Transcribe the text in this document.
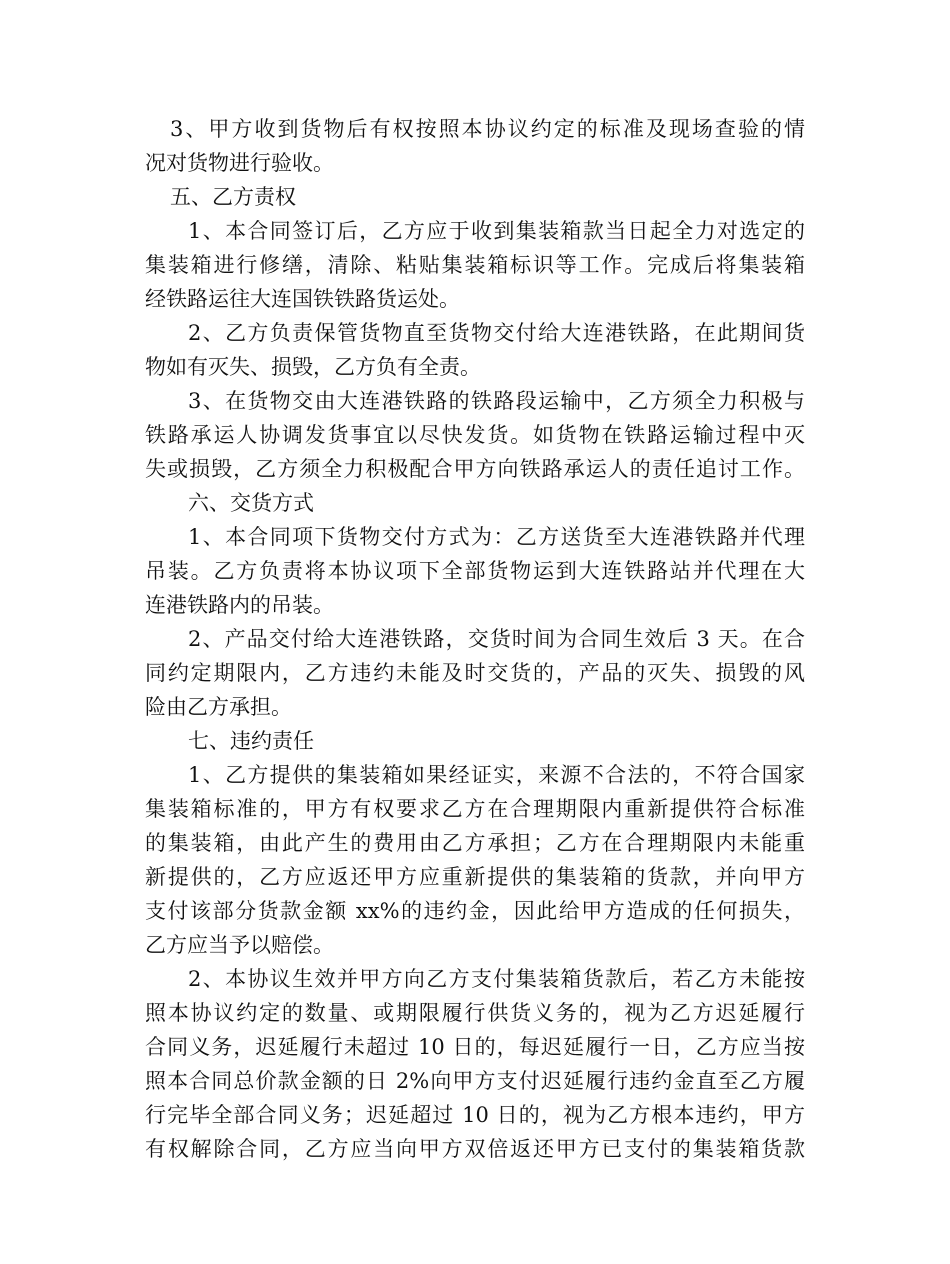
3、甲方收到货物后有权按照本协议约定的标准及现场查验的情
况对货物进行验收。
五、乙方责权
1、本合同签订后，乙方应于收到集装箱款当日起全力对选定的
集装箱进行修缮，清除、粘贴集装箱标识等工作。完成后将集装箱
经铁路运往大连国铁铁路货运处。
2、乙方负责保管货物直至货物交付给大连港铁路，在此期间货
物如有灭失、损毁，乙方负有全责。
3、在货物交由大连港铁路的铁路段运输中，乙方须全力积极与
铁路承运人协调发货事宜以尽快发货。如货物在铁路运输过程中灭
失或损毁，乙方须全力积极配合甲方向铁路承运人的责任追讨工作。
六、交货方式
1、本合同项下货物交付方式为：乙方送货至大连港铁路并代理
吊装。乙方负责将本协议项下全部货物运到大连铁路站并代理在大
连港铁路内的吊装。
2、产品交付给大连港铁路，交货时间为合同生效后 3 天。在合
同约定期限内，乙方违约未能及时交货的，产品的灭失、损毁的风
险由乙方承担。
七、违约责任
1、乙方提供的集装箱如果经证实，来源不合法的，不符合国家
集装箱标准的，甲方有权要求乙方在合理期限内重新提供符合标准
的集装箱，由此产生的费用由乙方承担；乙方在合理期限内未能重
新提供的，乙方应返还甲方应重新提供的集装箱的货款，并向甲方
支付该部分货款金额 xx%的违约金，因此给甲方造成的任何损失，
乙方应当予以赔偿。
2、本协议生效并甲方向乙方支付集装箱货款后，若乙方未能按
照本协议约定的数量、或期限履行供货义务的，视为乙方迟延履行
合同义务，迟延履行未超过 10 日的，每迟延履行一日，乙方应当按
照本合同总价款金额的日 2%向甲方支付迟延履行违约金直至乙方履
行完毕全部合同义务；迟延超过 10 日的，视为乙方根本违约，甲方
有权解除合同，乙方应当向甲方双倍返还甲方已支付的集装箱货款
